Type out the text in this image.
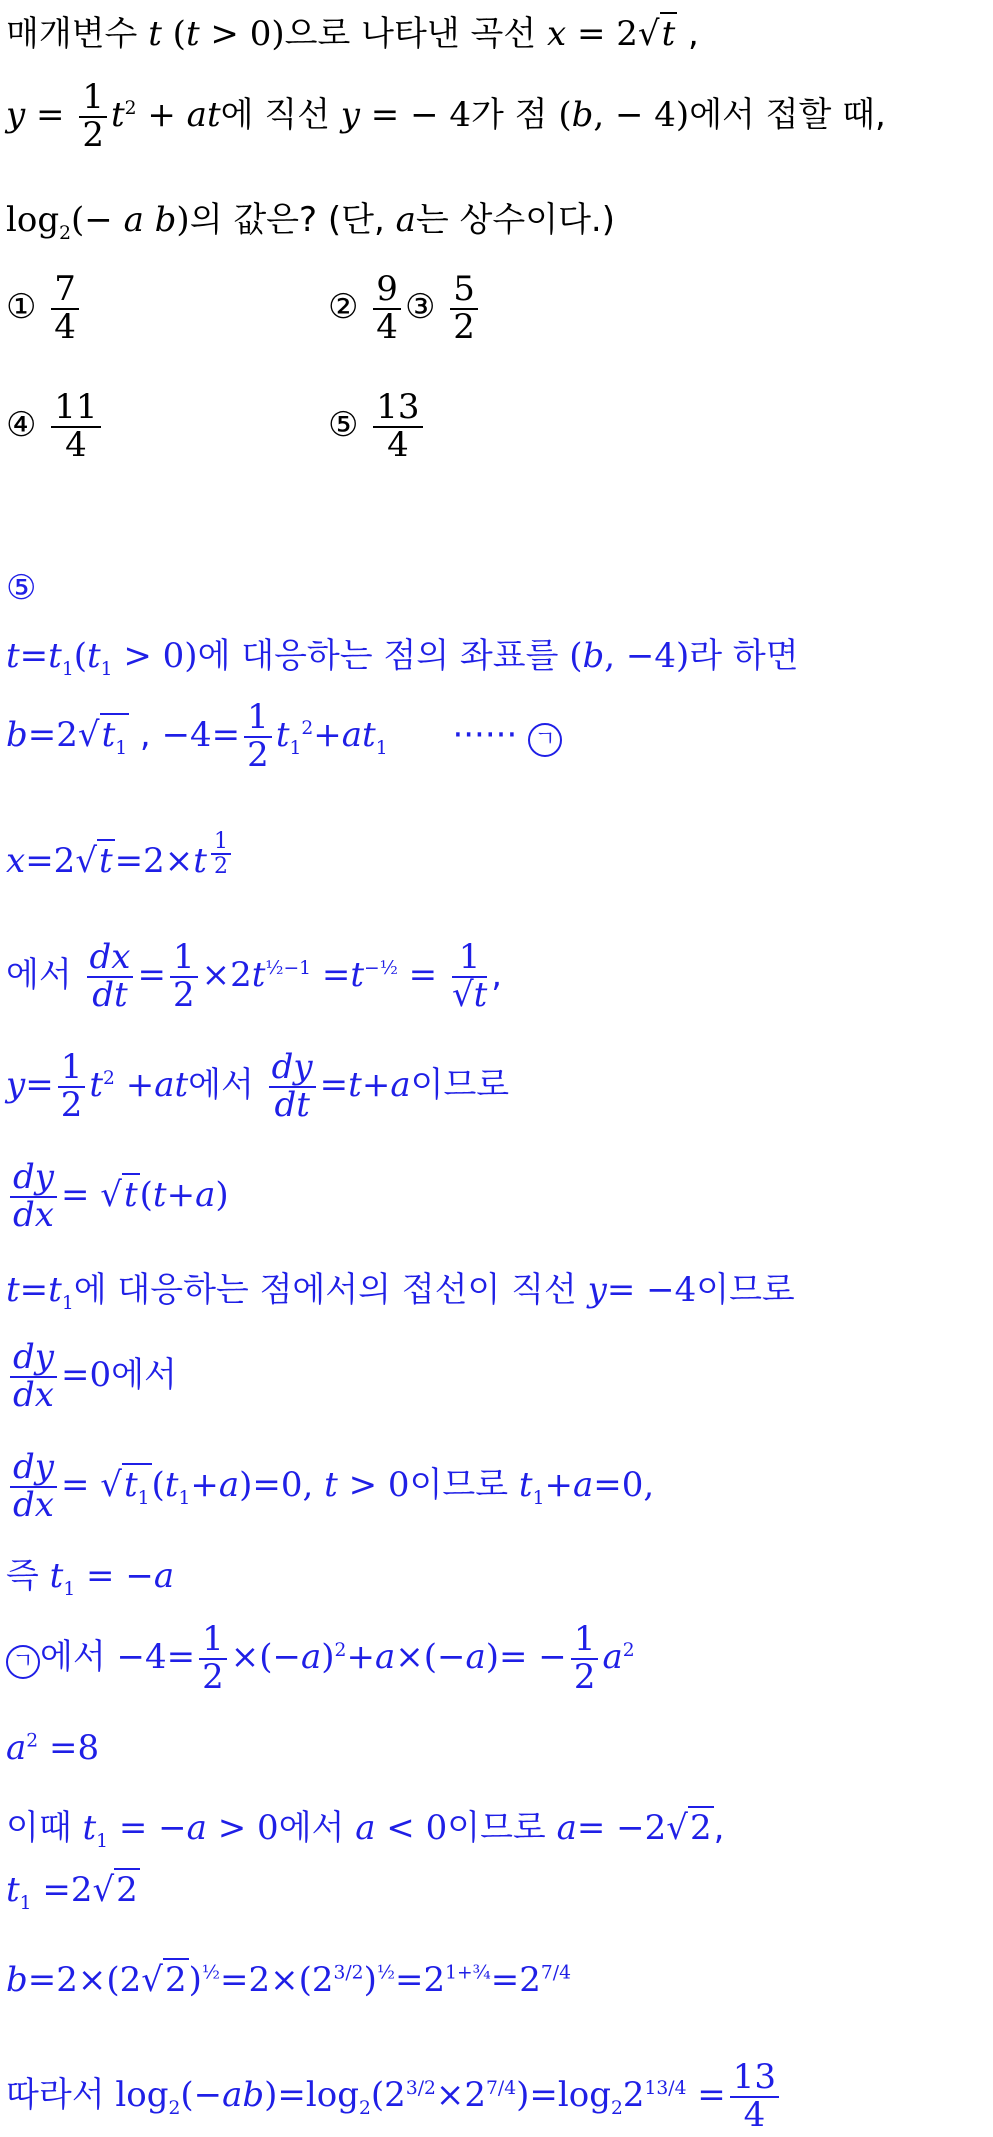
매개변수 t (t > 0)으로 나타낸 곡선 x = 2√t ,
$y = \frac{1}{2} t^2$ + at에 직선 y = − 4가 점 (b, − 4)에서 접할 때,
$\log_2(- a$ b)의 값은? (단, a는 상수이다.)
① $\frac{7}{4}$	② $\frac{9}{4}$ ③ $\frac{5}{2}$
④ $\frac{11}{4}$	⑤ $\frac{13}{4}$
⑤
$t=t_1(t_1 > 0)$에 대응하는 점의 좌표를 (b, −4)라 하면
$b=2√t_1$ , $-4= \frac{1}{2} t_1^2+at_1$      ······ ㄱ
x=2√t=2×t $^{\frac{1}{2}}$
에서 $\frac{dx}{dt} = \frac{1}{2} \times 2t^{\frac{1}{2}-1} =t^{-\frac{1}{2}} = \frac{1}{√t}$ ,
$y= \frac{1}{2} t^2 +at$에서 $\frac{dy}{dt} =t+a$이므로
$\frac{dy}{dx} = √t(t+a)$
$t=t_1$에 대응하는 점에서의 접선이 직선 y= −4이므로
$\frac{dy}{dx} =0$에서
$\frac{dy}{dx} = √t_1(t_1+a)=0$, t > 0이므로 $t_1+a=0$,
즉 $t_1 = -a$
ㄱ 에서 $-4= \frac{1}{2} \times(-a)^2+a\times(-a)= - \frac{1}{2} a^2$
$a^2 =8$
이때 $t_1 = -a > 0$에서 a < 0이므로 a= −2√2,
$t_1 =2√2$
$b=2\times(2√2)^{\frac{1}{2}}=2\times(2^{3/2})^{\frac{1}{2}}=2^{1+\frac{3}{4}}=2^{7/4}$
따라서 $\log_2(-ab)=\log_2(2^{3/2}\times 2^{7/4})=\log_22^{13/4} = \frac{13}{4}$
